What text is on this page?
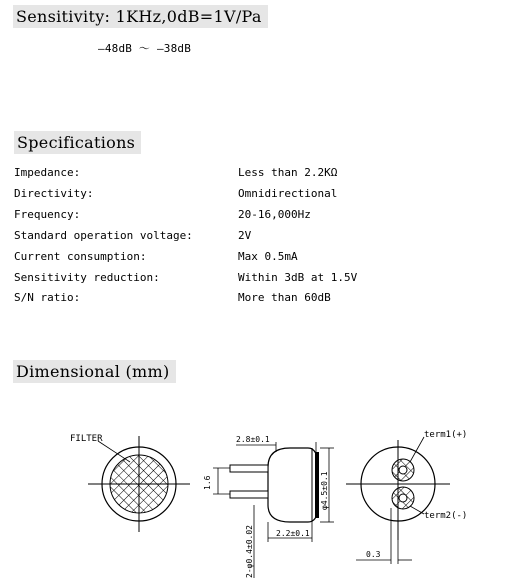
Sensitivity: 1KHz,0dB=1V/Pa
—48dB ～ —38dB
Specifications
Impedance:	Less than 2.2KΩ
Directivity:	Omnidirectional
Frequency:	20-16,000Hz
Standard operation voltage:	2V
Current consumption:	Max 0.5mA
Sensitivity reduction:	Within 3dB at 1.5V
S/N ratio:	More than 60dB
Dimensional (mm)
FILTER	2.8±0.1
2.2±0.1
1.6
2-φ0.4±0.02
φ4.5±0.1
term1(+)
term2(-)
0.3
